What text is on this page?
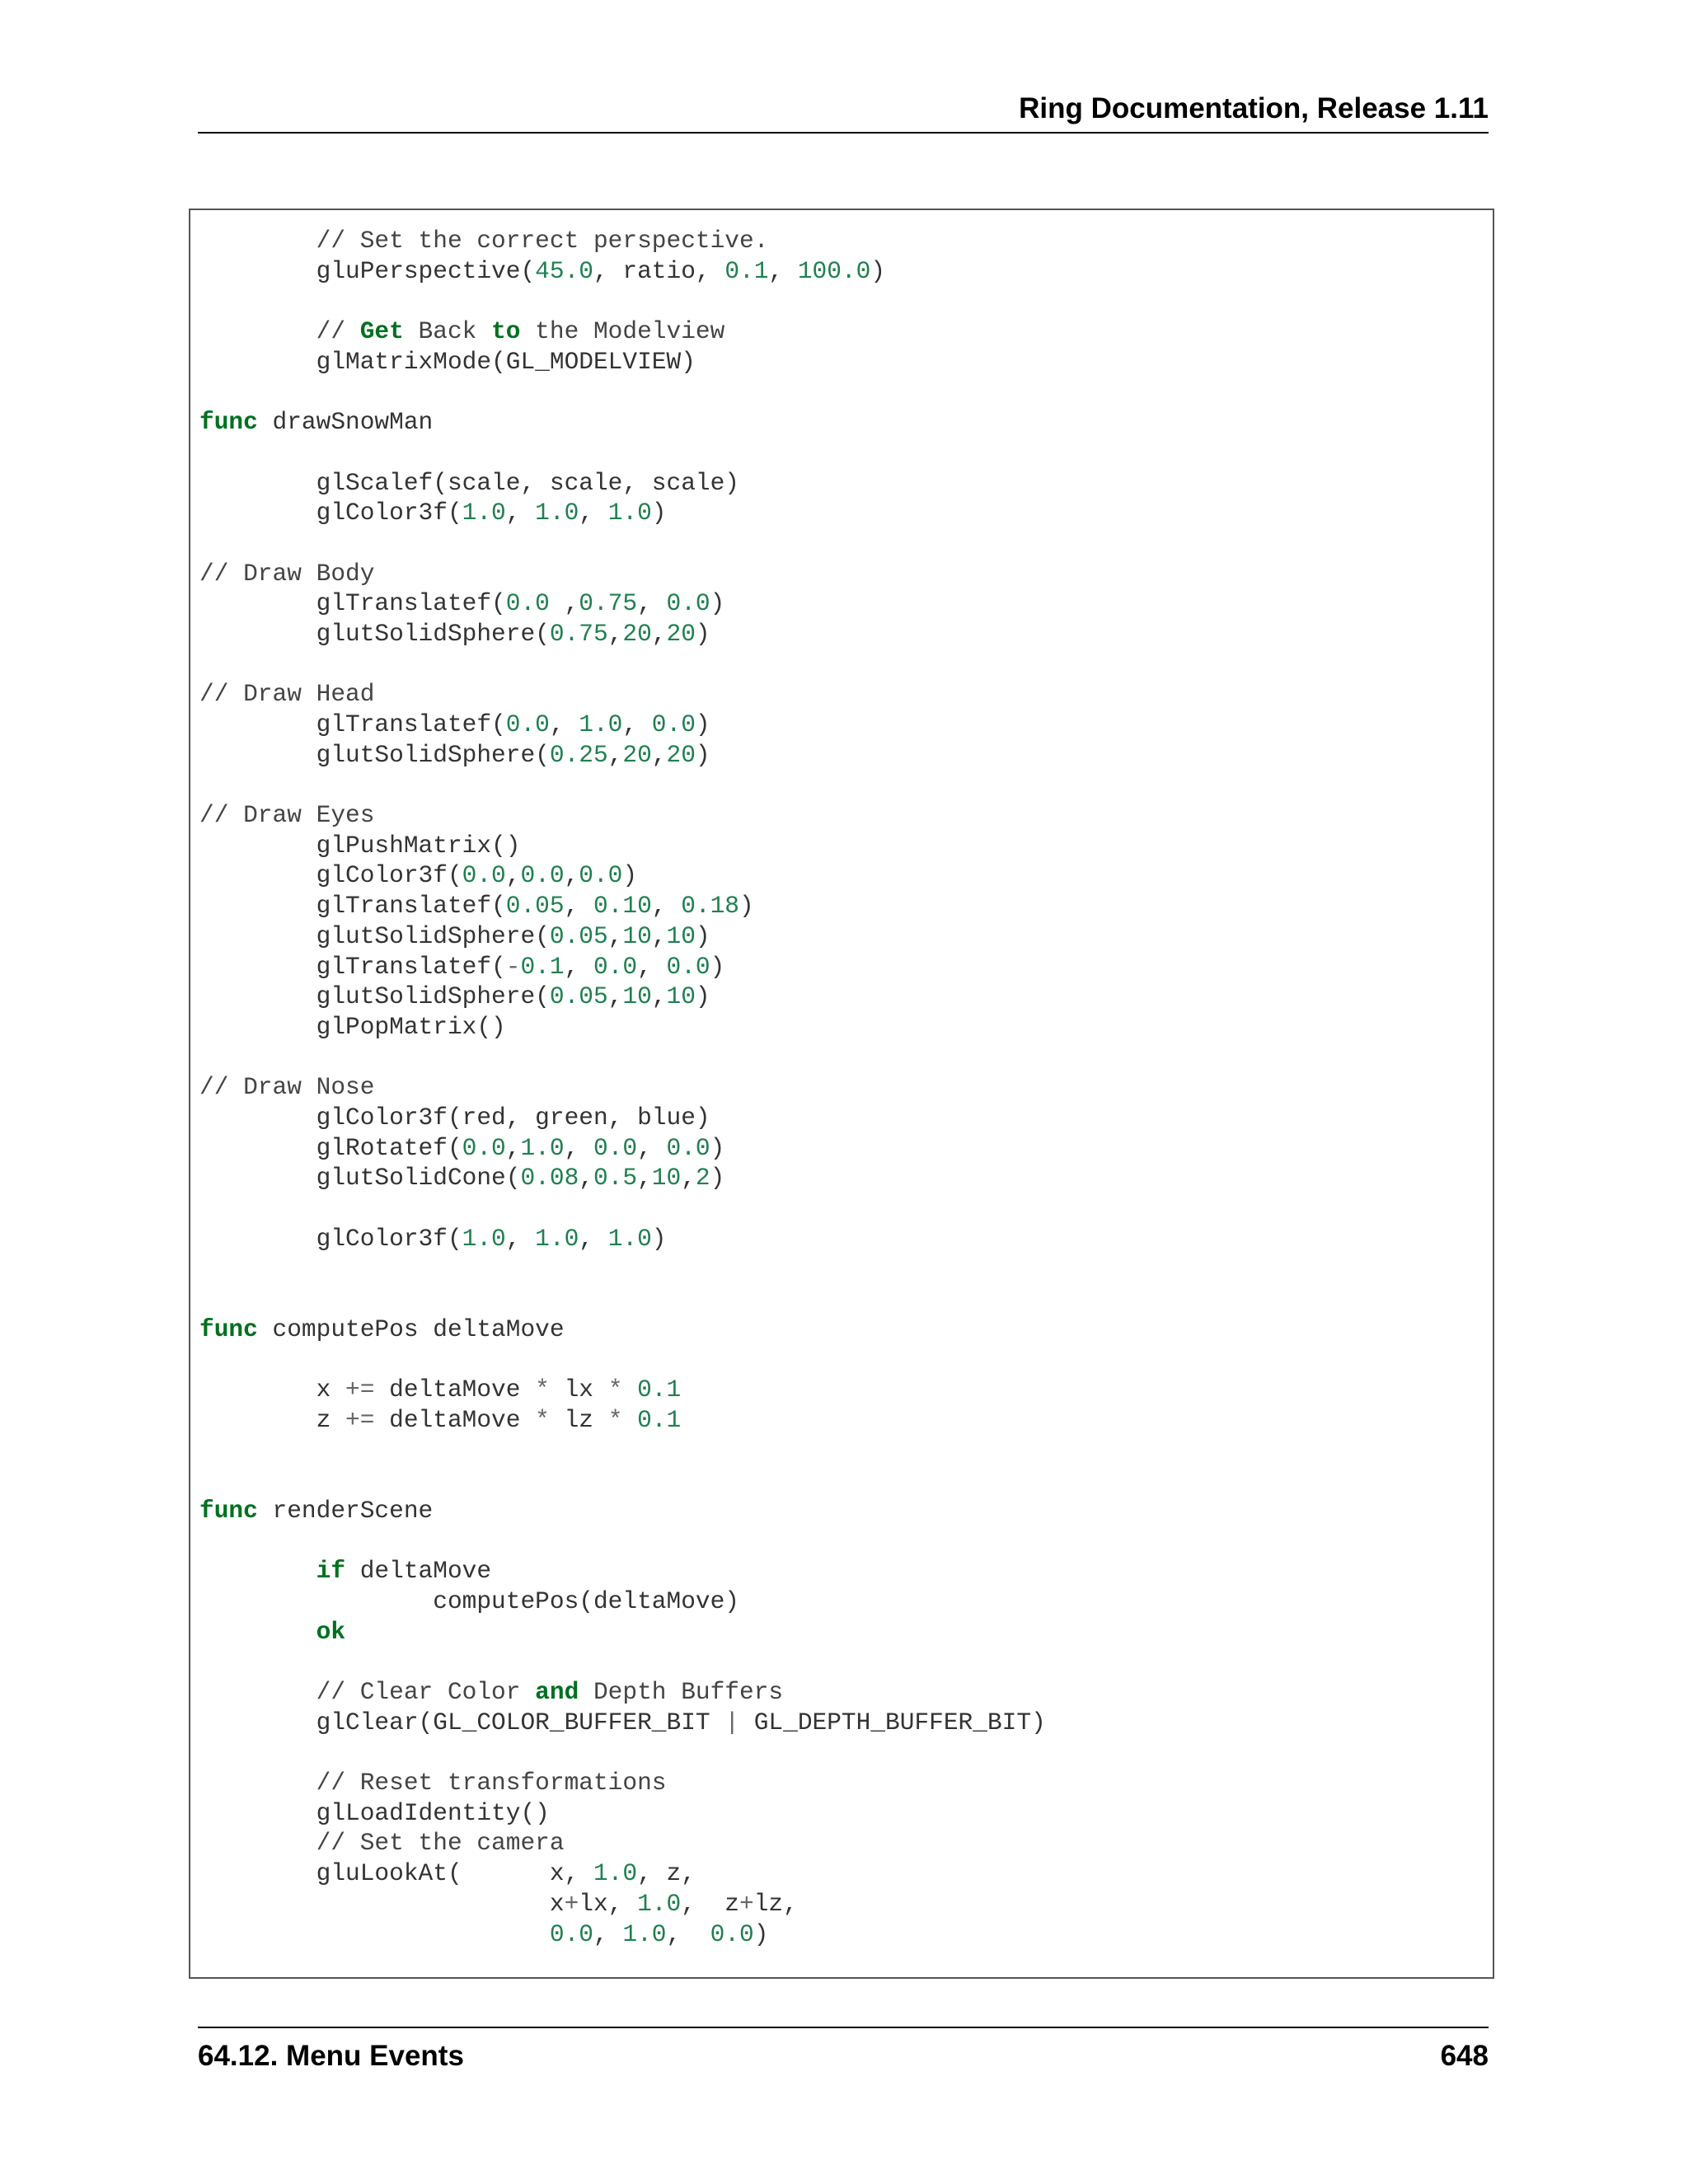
Ring Documentation, Release 1.11
// Set the correct perspective.
gluPerspective(45.0, ratio, 0.1, 100.0)

// Get Back to the Modelview
glMatrixMode(GL_MODELVIEW)

func drawSnowMan

glScalef(scale, scale, scale)
glColor3f(1.0, 1.0, 1.0)

// Draw Body
glTranslatef(0.0 ,0.75, 0.0)
glutSolidSphere(0.75,20,20)

// Draw Head
glTranslatef(0.0, 1.0, 0.0)
glutSolidSphere(0.25,20,20)

// Draw Eyes
glPushMatrix()
glColor3f(0.0,0.0,0.0)
glTranslatef(0.05, 0.10, 0.18)
glutSolidSphere(0.05,10,10)
glTranslatef(-0.1, 0.0, 0.0)
glutSolidSphere(0.05,10,10)
glPopMatrix()

// Draw Nose
glColor3f(red, green, blue)
glRotatef(0.0,1.0, 0.0, 0.0)
glutSolidCone(0.08,0.5,10,2)

glColor3f(1.0, 1.0, 1.0)

func computePos deltaMove

x += deltaMove * lx * 0.1
z += deltaMove * lz * 0.1

func renderScene

if deltaMove
computePos(deltaMove)
ok

// Clear Color and Depth Buffers
glClear(GL_COLOR_BUFFER_BIT | GL_DEPTH_BUFFER_BIT)

// Reset transformations
glLoadIdentity()
// Set the camera
gluLookAt(      x, 1.0, z,
x+lx, 1.0,  z+lz,
0.0, 1.0,  0.0)
64.12. Menu Events	648
